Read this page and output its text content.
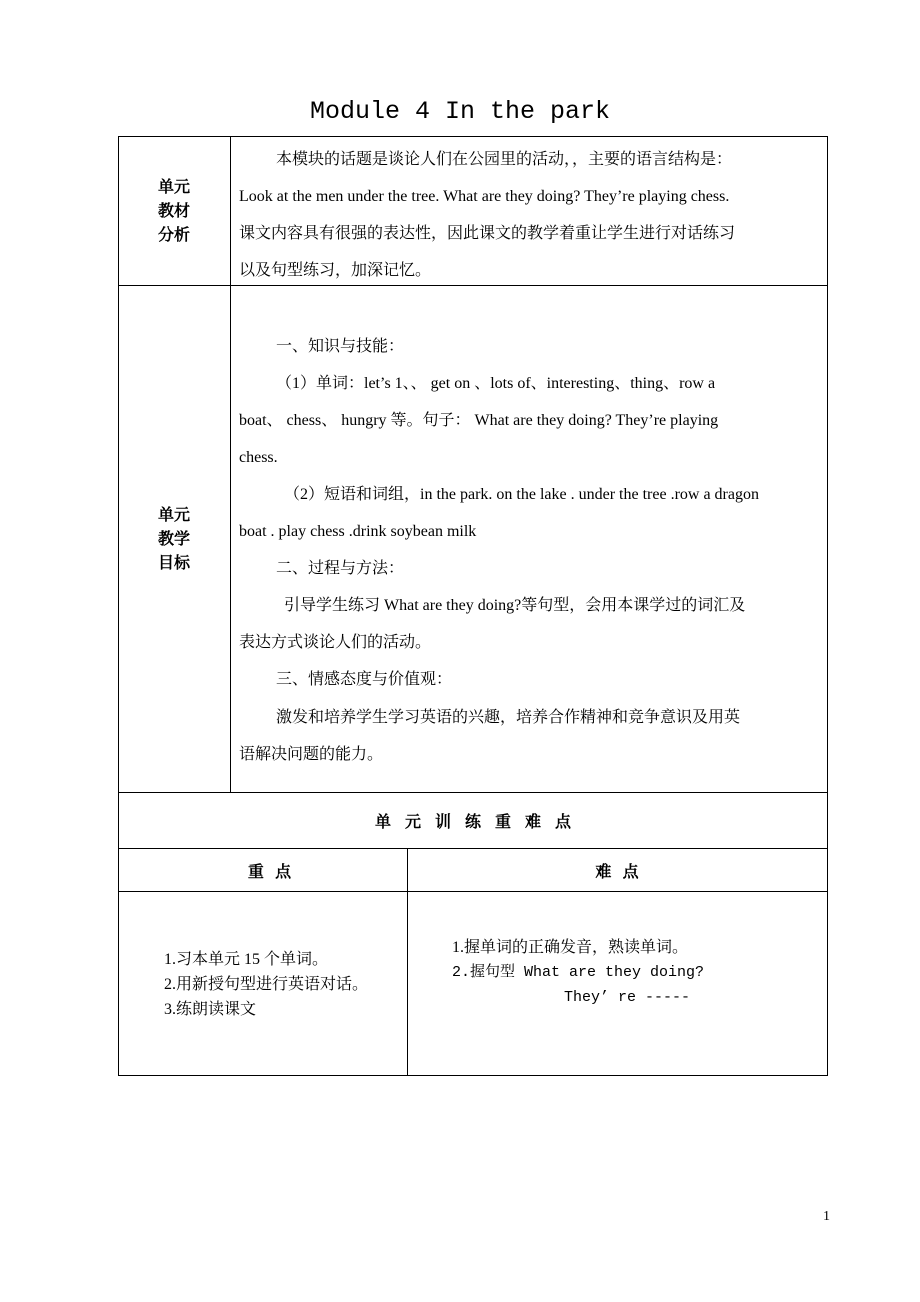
Module 4 In the park
单元
教材
分析
本模块的话题是谈论人们在公园里的活动，，主要的语言结构是：
Look at the men under the tree. What are they doing? They’re playing chess.
课文内容具有很强的表达性，因此课文的教学着重让学生进行对话练习
以及句型练习，加深记忆。
单元
教学
目标
一、知识与技能：
（1）单词：let’s 1、、 get on 、lots of、interesting、thing、row a
boat、 chess、 hungry 等。句子： What are they doing? They’re playing
chess.
（2）短语和词组，in the park. on the lake . under the tree .row a dragon
boat . play chess .drink soybean milk
二、过程与方法：
引导学生练习 What are they doing?等句型，会用本课学过的词汇及
表达方式谈论人们的活动。
三、情感态度与价值观：
激发和培养学生学习英语的兴趣，培养合作精神和竞争意识及用英
语解决问题的能力。
单元训练重难点
重  点	难  点
1.习本单元 15 个单词。
2.用新授句型进行英语对话。
3.练朗读课文
1.握单词的正确发音，熟读单词。
2.握句型 What are they doing?
They’ re -----
1
